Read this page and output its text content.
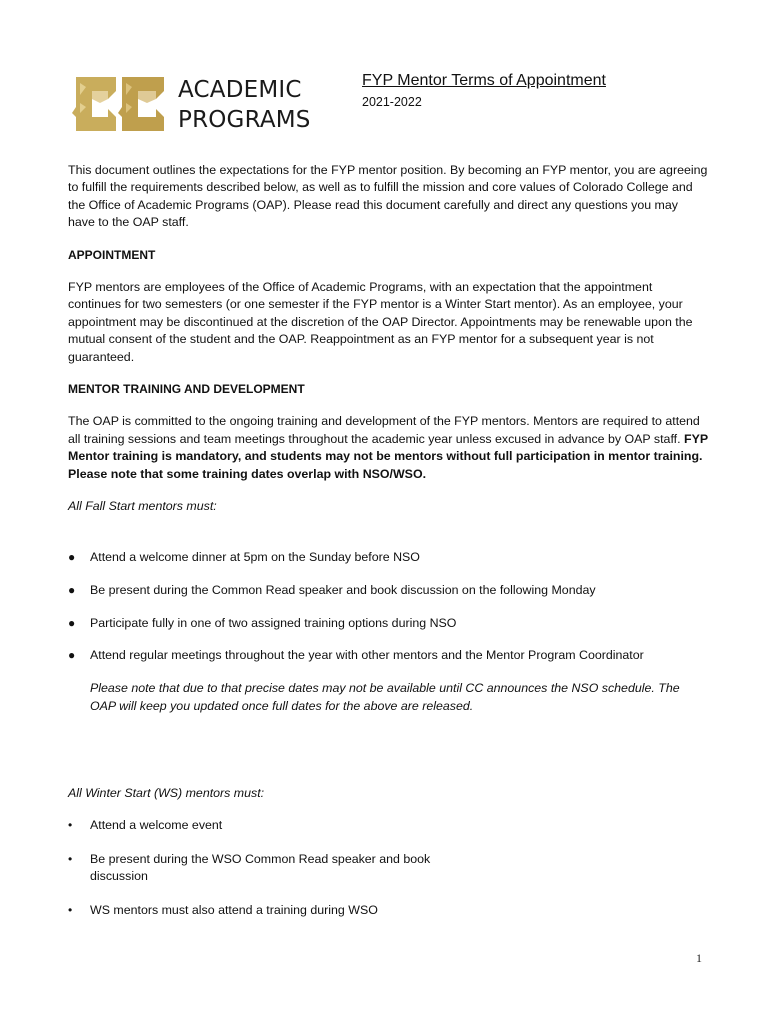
ACADEMIC
PROGRAMS
FYP Mentor Terms of Appointment
2021-2022

This document outlines the expectations for the FYP mentor position. By becoming an FYP mentor, you are agreeing to fulfill the requirements described below, as well as to fulfill the mission and core values of Colorado College and the Office of Academic Programs (OAP). Please read this document carefully and direct any questions you may have to the OAP staff.

APPOINTMENT

FYP mentors are employees of the Office of Academic Programs, with an expectation that the appointment continues for two semesters (or one semester if the FYP mentor is a Winter Start mentor). As an employee, your appointment may be discontinued at the discretion of the OAP Director. Appointments may be renewable upon the mutual consent of the student and the OAP. Reappointment as an FYP mentor for a subsequent year is not guaranteed.

MENTOR TRAINING AND DEVELOPMENT

The OAP is committed to the ongoing training and development of the FYP mentors. Mentors are required to attend all training sessions and team meetings throughout the academic year unless excused in advance by OAP staff. FYP Mentor training is mandatory, and students may not be mentors without full participation in mentor training. Please note that some training dates overlap with NSO/WSO.

All Fall Start mentors must:

● Attend a welcome dinner at 5pm on the Sunday before NSO
● Be present during the Common Read speaker and book discussion on the following Monday
● Participate fully in one of two assigned training options during NSO
● Attend regular meetings throughout the year with other mentors and the Mentor Program Coordinator

Please note that due to that precise dates may not be available until CC announces the NSO schedule. The OAP will keep you updated once full dates for the above are released.

All Winter Start (WS) mentors must:

• Attend a welcome event
• Be present during the WSO Common Read speaker and book discussion
• WS mentors must also attend a training during WSO
1
